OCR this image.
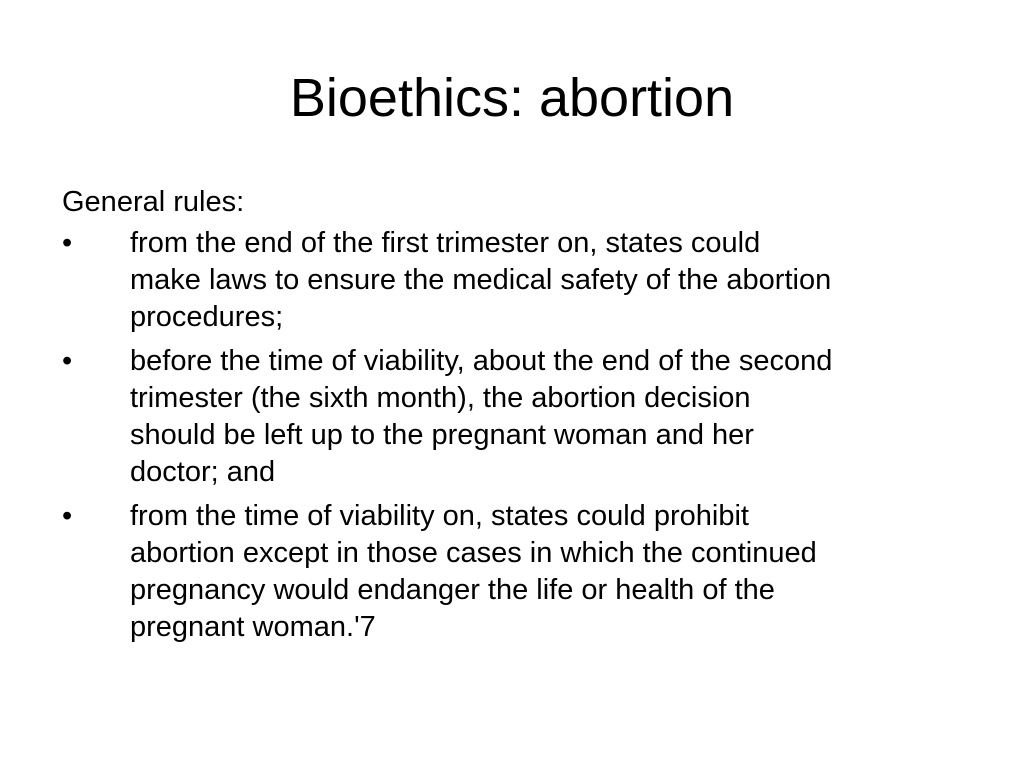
Bioethics: abortion

General rules:

•	from the end of the first trimester on, states could
make laws to ensure the medical safety of the abortion
procedures;
•	before the time of viability, about the end of the second
trimester (the sixth month), the abortion decision
should be left up to the pregnant woman and her
doctor; and
•	from the time of viability on, states could prohibit
abortion except in those cases in which the continued
pregnancy would endanger the life or health of the
pregnant woman.'7
